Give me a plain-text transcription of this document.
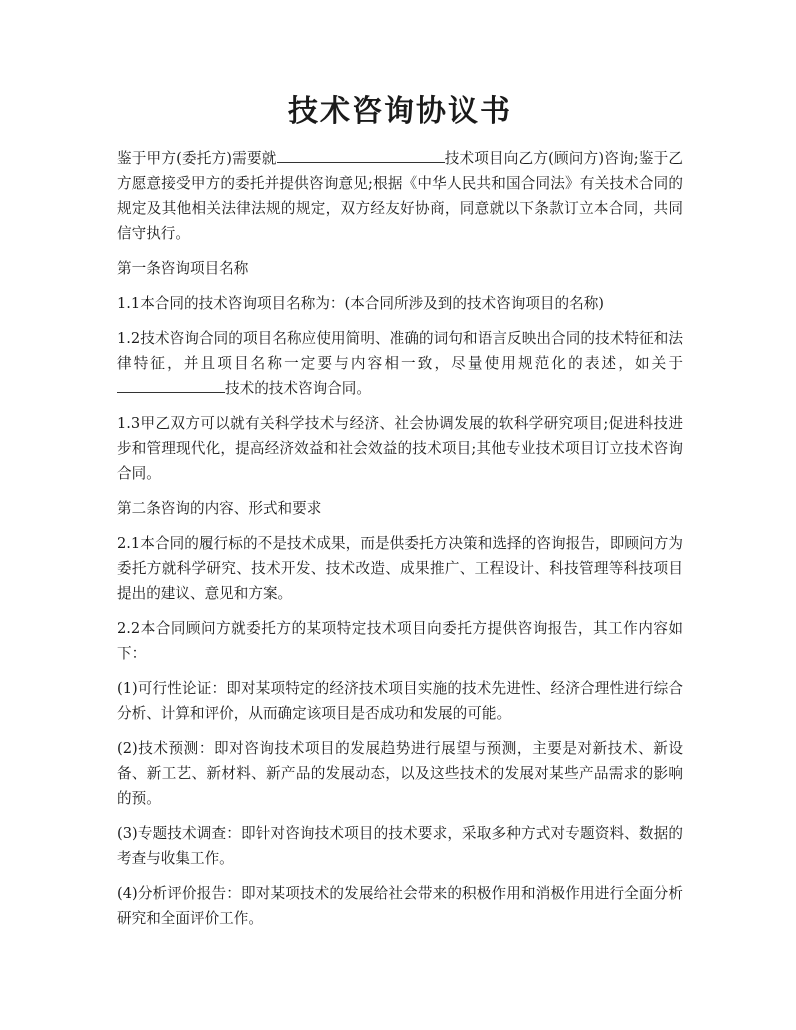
技术咨询协议书

鉴于甲方(委托方)需要就	技术项目向乙方(顾问方)咨询;鉴于乙方愿意接受甲方的委托并提供咨询意见;根据《中华人民共和国合同法》有关技术合同的规定及其他相关法律法规的规定，双方经友好协商，同意就以下条款订立本合同，共同信守执行。

第一条咨询项目名称

1.1本合同的技术咨询项目名称为：(本合同所涉及到的技术咨询项目的名称)

1.2技术咨询合同的项目名称应使用简明、准确的词句和语言反映出合同的技术特征和法律特征，并且项目名称一定要与内容相一致，尽量使用规范化的表述，如关于技术的技术咨询合同。

1.3甲乙双方可以就有关科学技术与经济、社会协调发展的软科学研究项目;促进科技进步和管理现代化，提高经济效益和社会效益的技术项目;其他专业技术项目订立技术咨询合同。

第二条咨询的内容、形式和要求

2.1本合同的履行标的不是技术成果，而是供委托方决策和选择的咨询报告，即顾问方为委托方就科学研究、技术开发、技术改造、成果推广、工程设计、科技管理等科技项目提出的建议、意见和方案。

2.2本合同顾问方就委托方的某项特定技术项目向委托方提供咨询报告，其工作内容如下：

(1)可行性论证：即对某项特定的经济技术项目实施的技术先进性、经济合理性进行综合分析、计算和评价，从而确定该项目是否成功和发展的可能。

(2)技术预测：即对咨询技术项目的发展趋势进行展望与预测，主要是对新技术、新设备、新工艺、新材料、新产品的发展动态，以及这些技术的发展对某些产品需求的影响的预。

(3)专题技术调查：即针对咨询技术项目的技术要求，采取多种方式对专题资料、数据的考查与收集工作。

(4)分析评价报告：即对某项技术的发展给社会带来的积极作用和消极作用进行全面分析研究和全面评价工作。
